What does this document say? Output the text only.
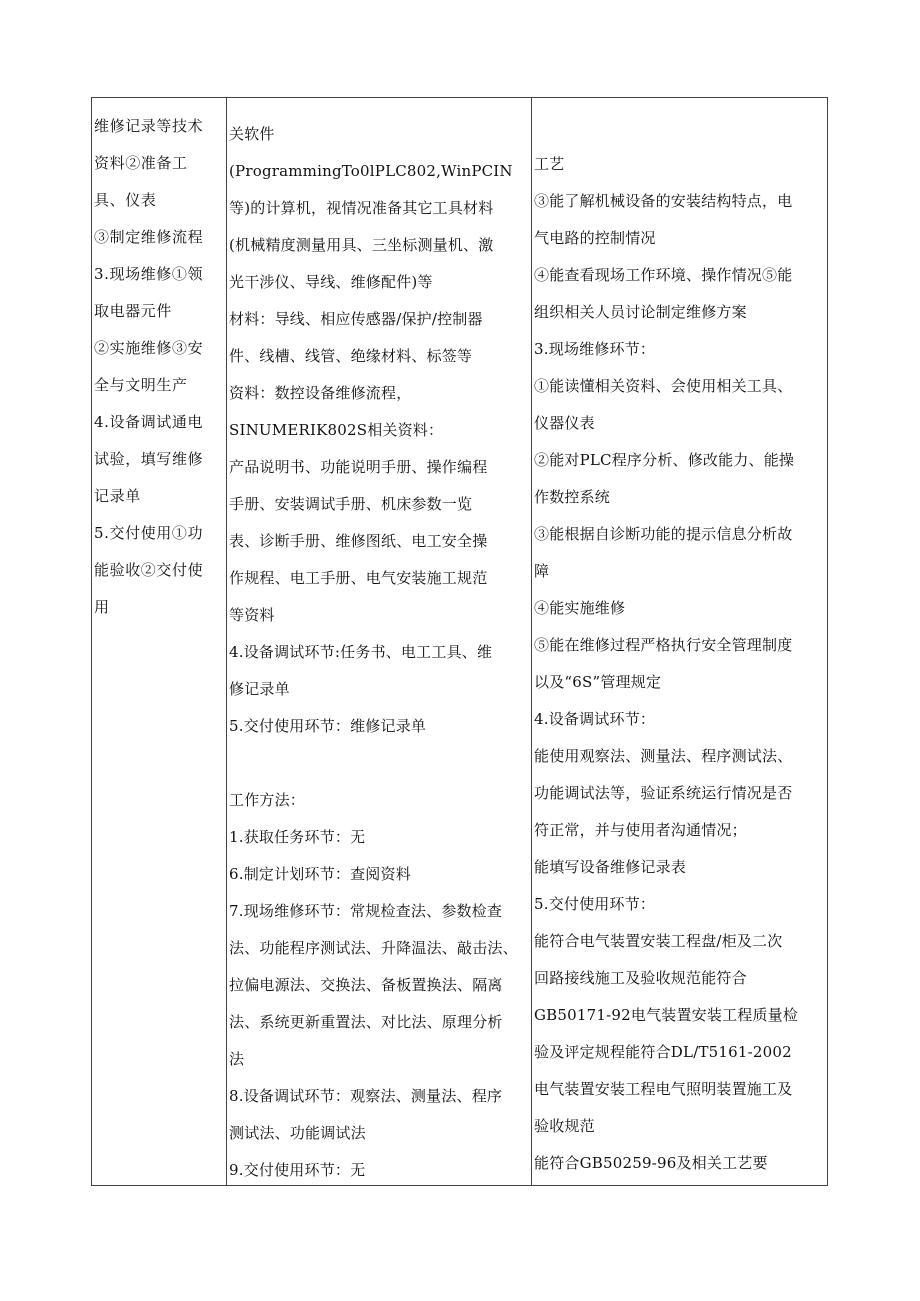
维修记录等技术
资料②准备工
具、仪表
③制定维修流程
3.现场维修①领
取电器元件
②实施维修③安
全与文明生产
4.设备调试通电
试验，填写维修
记录单
5.交付使用①功
能验收②交付使
用
关软件
(ProgrammingTo0lPLC802,WinPCIN
等)的计算机，视情况准备其它工具材料
(机械精度测量用具、三坐标测量机、激
光干涉仪、导线、维修配件)等
材料：导线、相应传感器/保护/控制器
件、线槽、线管、绝缘材料、标签等
资料：数控设备维修流程，
SINUMERIK802S相关资料：
产品说明书、功能说明手册、操作编程
手册、安装调试手册、机床参数一览
表、诊断手册、维修图纸、电工安全操
作规程、电工手册、电气安装施工规范
等资料
4.设备调试环节:任务书、电工工具、维
修记录单
5.交付使用环节：维修记录单
工作方法：
1.获取任务环节：无
6.制定计划环节：查阅资料
7.现场维修环节：常规检查法、参数检查
法、功能程序测试法、升降温法、敲击法、
拉偏电源法、交换法、备板置换法、隔离
法、系统更新重置法、对比法、原理分析
法
8.设备调试环节：观察法、测量法、程序
测试法、功能调试法
9.交付使用环节：无
工艺
③能了解机械设备的安装结构特点，电
气电路的控制情况
④能查看现场工作环境、操作情况⑤能
组织相关人员讨论制定维修方案
3.现场维修环节：
①能读懂相关资料、会使用相关工具、
仪器仪表
②能对PLC程序分析、修改能力、能操
作数控系统
③能根据自诊断功能的提示信息分析故
障
④能实施维修
⑤能在维修过程严格执行安全管理制度
以及“6S”管理规定
4.设备调试环节：
能使用观察法、测量法、程序测试法、
功能调试法等，验证系统运行情况是否
符正常，并与使用者沟通情况；
能填写设备维修记录表
5.交付使用环节：
能符合电气装置安装工程盘/柜及二次
回路接线施工及验收规范能符合
GB50171-92电气装置安装工程质量检
验及评定规程能符合DL/T5161-2002
电气装置安装工程电气照明装置施工及
验收规范
能符合GB50259-96及相关工艺要
